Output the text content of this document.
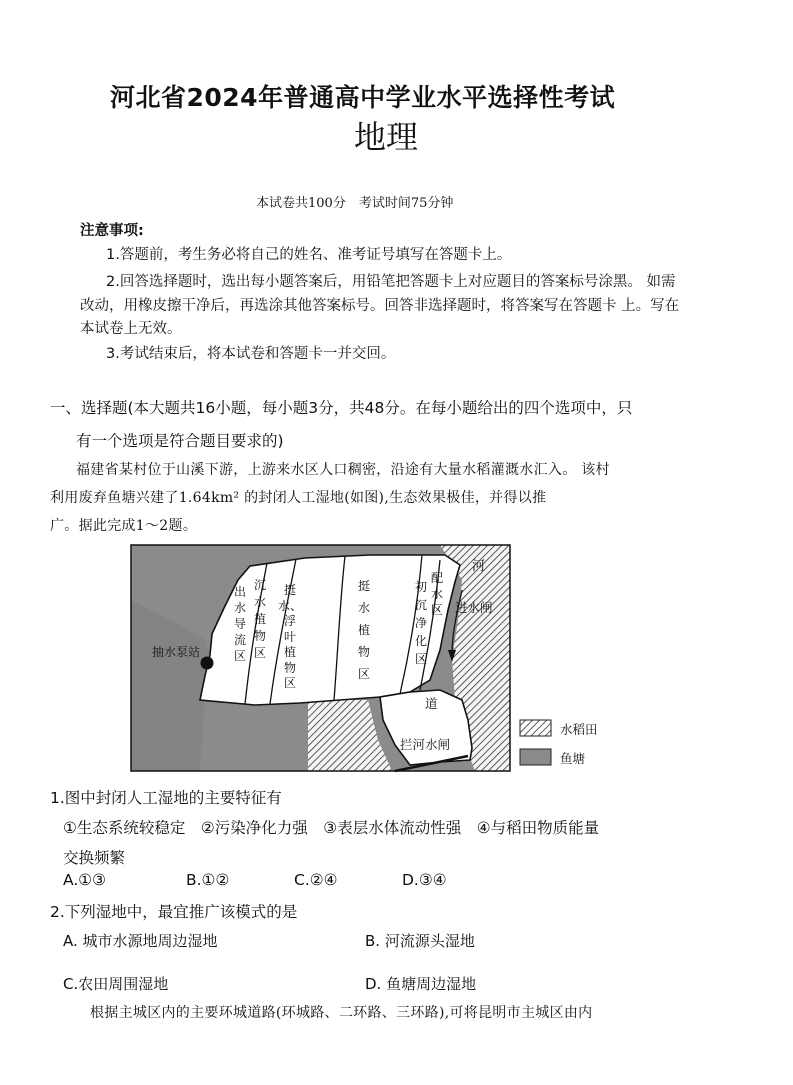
河北省2024年普通高中学业水平选择性考试
地理
本试卷共100分　考试时间75分钟
注意事项:
1.答题前，考生务必将自己的姓名、准考证号填写在答题卡上。
2.回答选择题时，选出每小题答案后，用铅笔把答题卡上对应题目的答案标号涂黑。 如需
改动，用橡皮擦干净后，再选涂其他答案标号。回答非选择题时，将答案写在答题卡 上。写在
本试卷上无效。
3.考试结束后，将本试卷和答题卡一并交回。
一、选择题(本大题共16小题，每小题3分，共48分。在每小题给出的四个选项中，只
有一个选项是符合题目要求的)
福建省某村位于山溪下游，上游来水区人口稠密，沿途有大量水稻灌溉水汇入。 该村
利用废弃鱼塘兴建了1.64km² 的封闭人工湿地(如图),生态效果极佳，并得以推
广。据此完成1～2题。
河
进水闸
抽水泵站
出
水
导
流
区
沉
水
植
物
区
挺
水、
浮
叶
植
物
区
挺
水
植
物
区
初
沉
净
化
区
配
水
区
道
拦河水闸
水稻田
鱼塘
1.图中封闭人工湿地的主要特征有
①生态系统较稳定　②污染净化力强　③表层水体流动性强　④与稻田物质能量
交换频繁
A.①③	B.①②	C.②④	D.③④
2.下列湿地中，最宜推广该模式的是
A. 城市水源地周边湿地	B. 河流源头湿地
C.农田周围湿地	D. 鱼塘周边湿地
根据主城区内的主要环城道路(环城路、二环路、三环路),可将昆明市主城区由内
